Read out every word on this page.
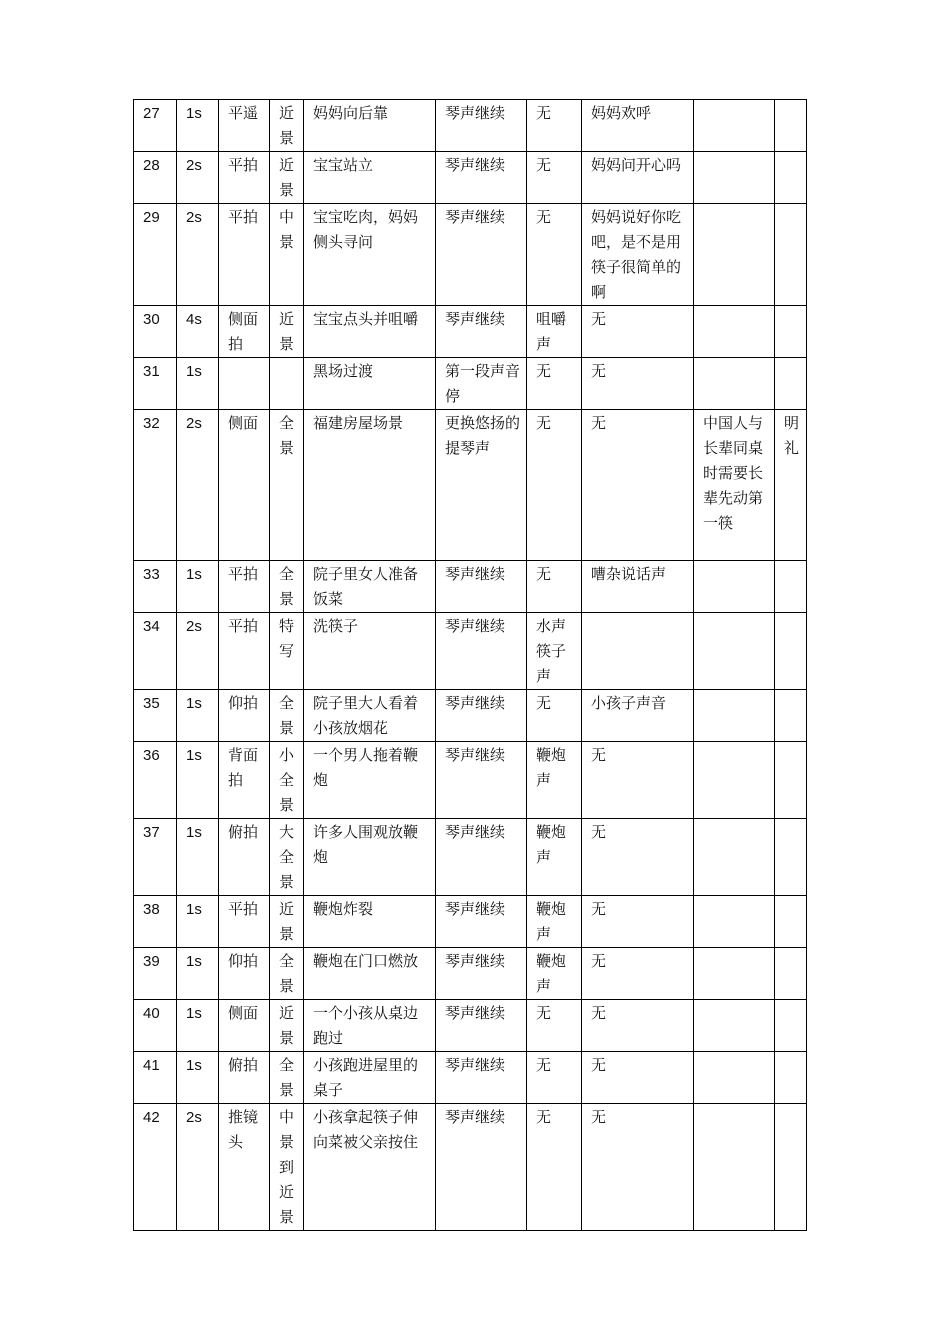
27	1s	平遥	近景	妈妈向后靠	琴声继续	无	妈妈欢呼		
28	2s	平拍	近景	宝宝站立	琴声继续	无	妈妈问开心吗		
29	2s	平拍	中景	宝宝吃肉，妈妈侧头寻问	琴声继续	无	妈妈说好你吃吧，是不是用筷子很简单的啊		
30	4s	侧面拍	近景	宝宝点头并咀嚼	琴声继续	咀嚼声	无		
31	1s			黑场过渡	第一段声音停	无	无		
32	2s	侧面	全景	福建房屋场景	更换悠扬的提琴声	无	无	中国人与长辈同桌时需要长辈先动第一筷	明礼
33	1s	平拍	全景	院子里女人准备饭菜	琴声继续	无	嘈杂说话声		
34	2s	平拍	特写	洗筷子	琴声继续	水声筷子声			
35	1s	仰拍	全景	院子里大人看着小孩放烟花	琴声继续	无	小孩子声音		
36	1s	背面拍	小全景	一个男人拖着鞭炮	琴声继续	鞭炮声	无		
37	1s	俯拍	大全景	许多人围观放鞭炮	琴声继续	鞭炮声	无		
38	1s	平拍	近景	鞭炮炸裂	琴声继续	鞭炮声	无		
39	1s	仰拍	全景	鞭炮在门口燃放	琴声继续	鞭炮声	无		
40	1s	侧面	近景	一个小孩从桌边跑过	琴声继续	无	无		
41	1s	俯拍	全景	小孩跑进屋里的桌子	琴声继续	无	无		
42	2s	推镜头	中景到近景	小孩拿起筷子伸向菜被父亲按住	琴声继续	无	无		
